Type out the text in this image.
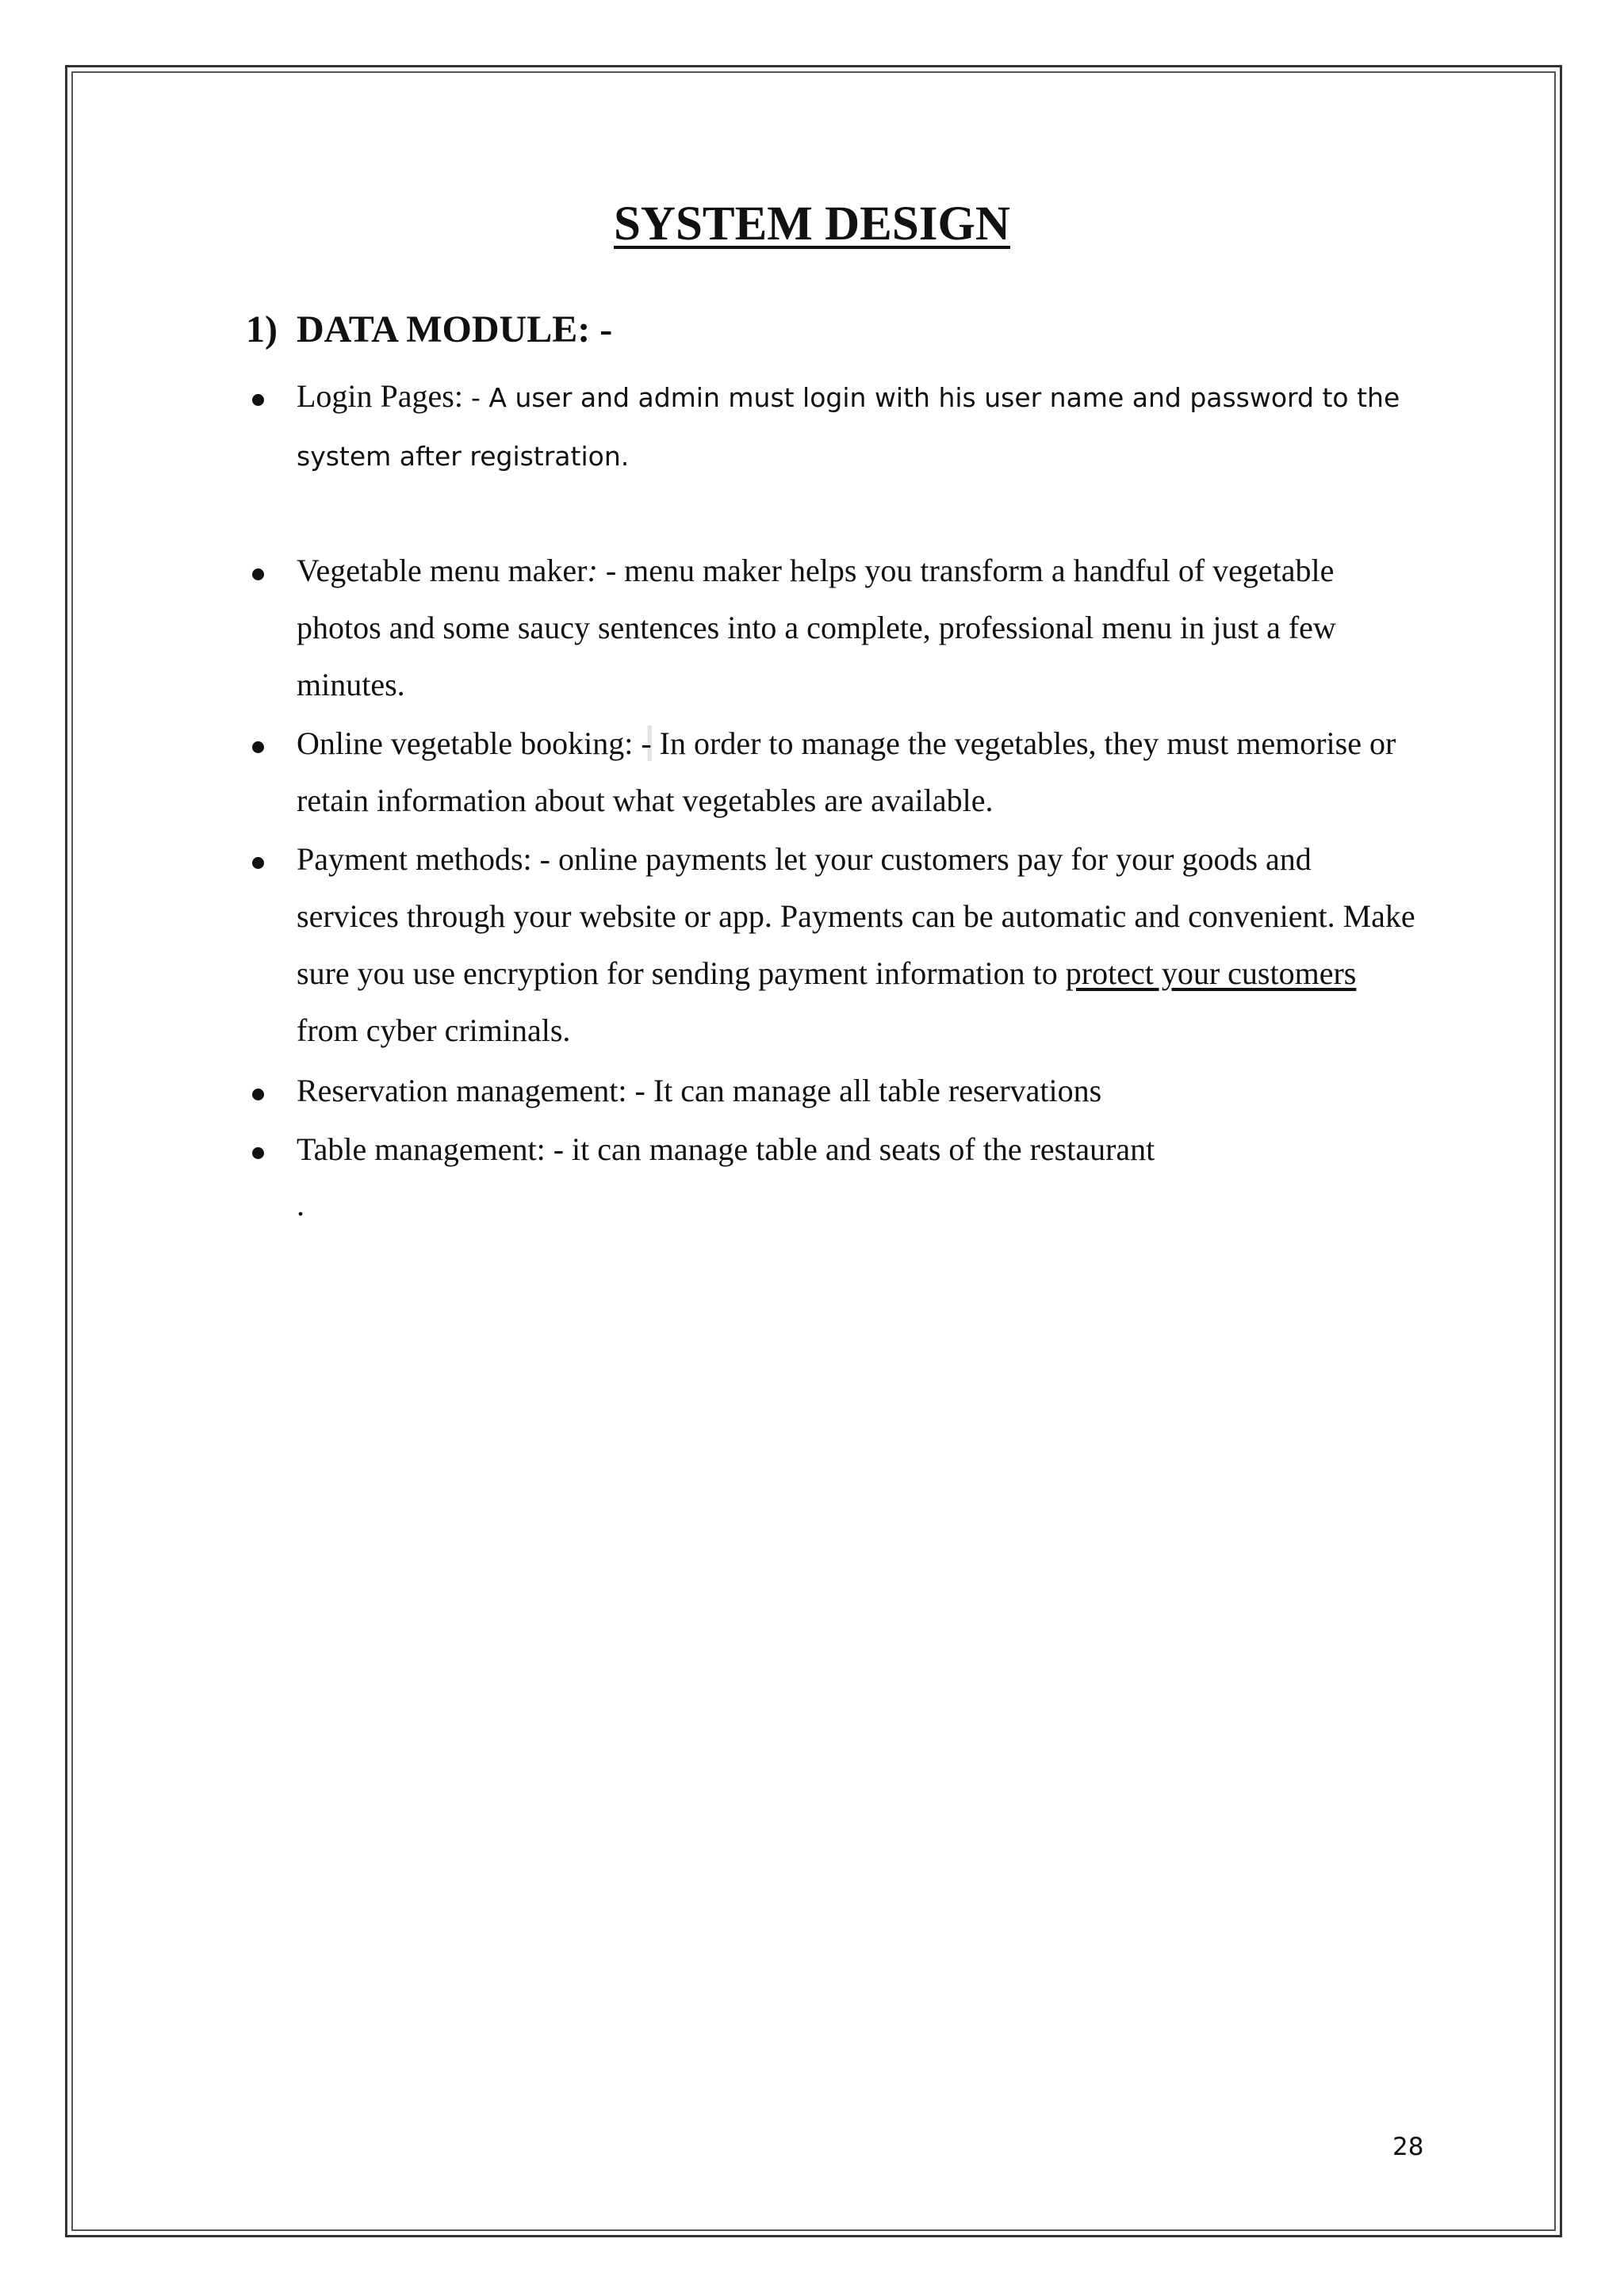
SYSTEM DESIGN
1) DATA MODULE: -

Login Pages: - A user and admin must login with his user name and password to the system after registration.

Vegetable menu maker: - menu maker helps you transform a handful of vegetable photos and some saucy sentences into a complete, professional menu in just a few minutes.

Online vegetable booking: - In order to manage the vegetables, they must memorise or retain information about what vegetables are available.

Payment methods: - online payments let your customers pay for your goods and services through your website or app. Payments can be automatic and convenient. Make sure you use encryption for sending payment information to protect your customers from cyber criminals.

Reservation management: - It can manage all table reservations

Table management: - it can manage table and seats of the restaurant

.

28
